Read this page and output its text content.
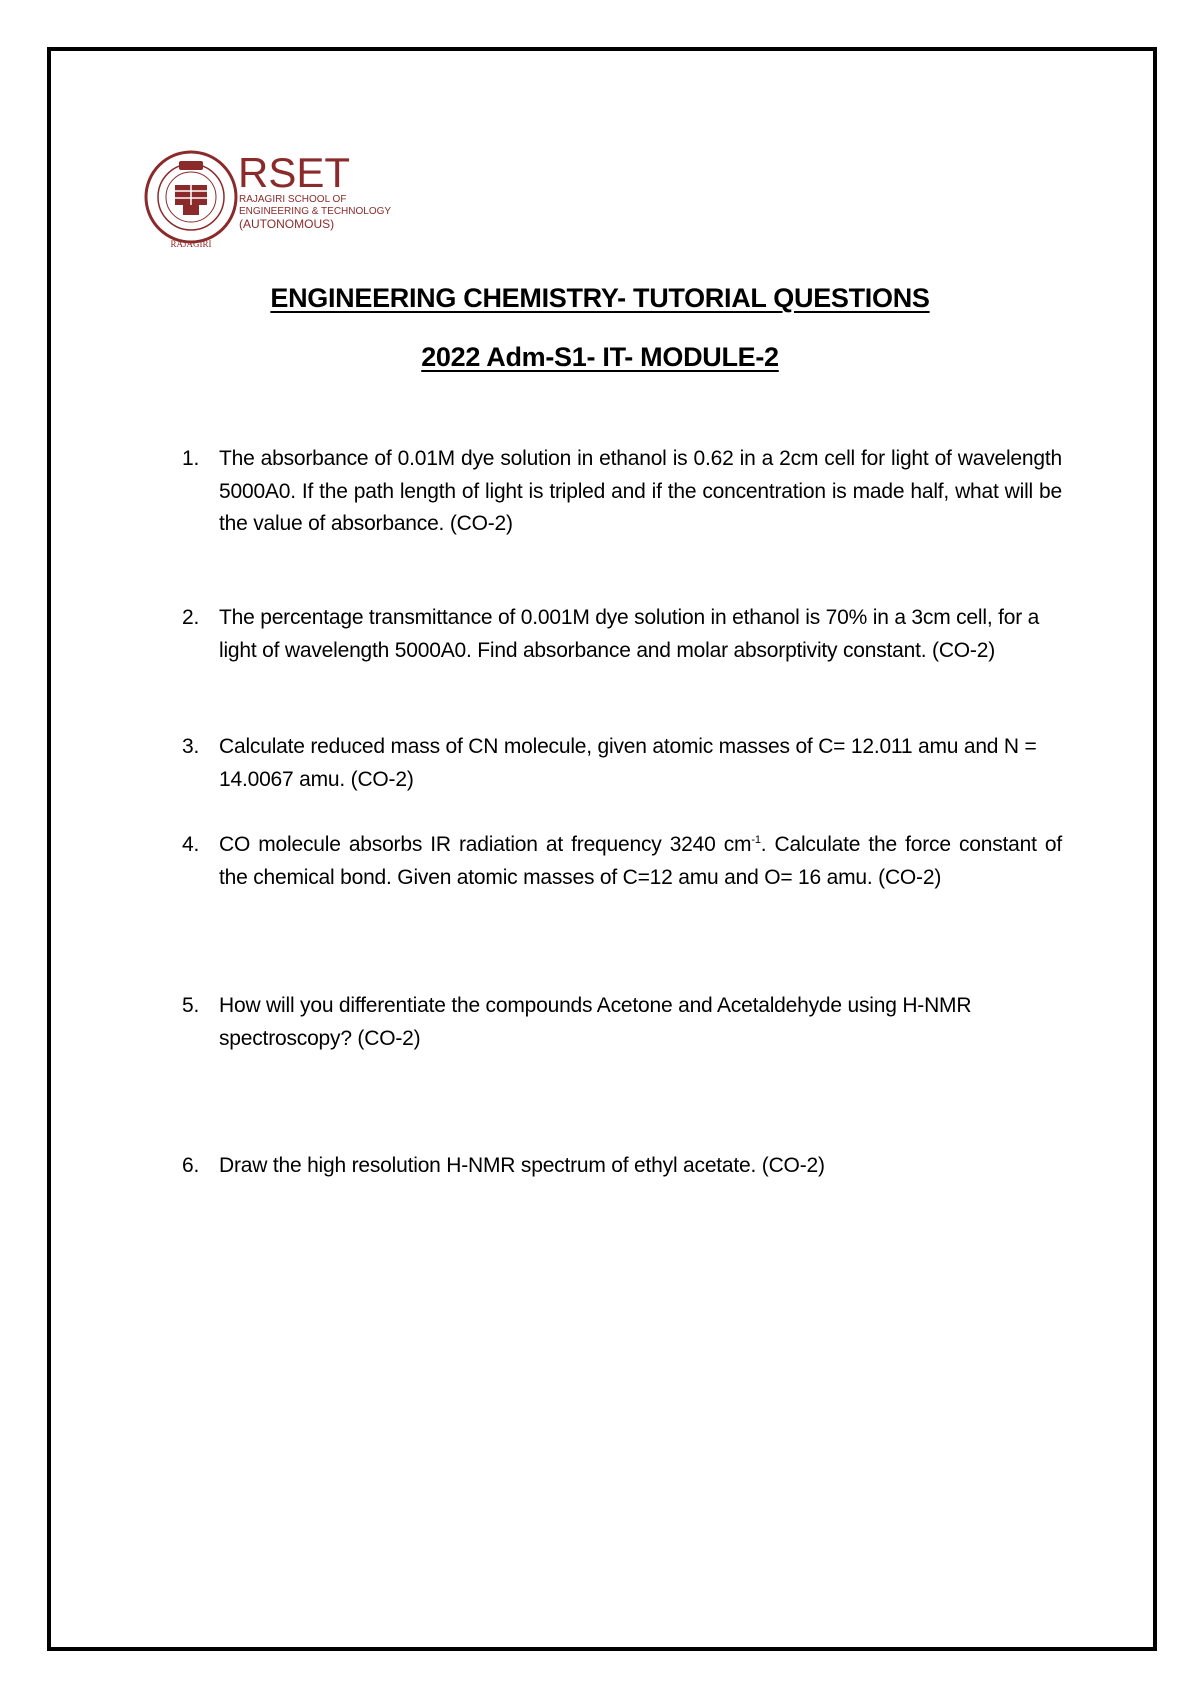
RAJAGIRI
RSET
RAJAGIRI SCHOOL OF
ENGINEERING & TECHNOLOGY
(AUTONOMOUS)
ENGINEERING CHEMISTRY- TUTORIAL QUESTIONS
2022 Adm-S1- IT- MODULE-2
1. The absorbance of 0.01M dye solution in ethanol is 0.62 in a 2cm cell for light of wavelength 5000A0. If the path length of light is tripled and if the concentration is made half, what will be the value of absorbance. (CO-2)
2. The percentage transmittance of 0.001M dye solution in ethanol is 70% in a 3cm cell, for a light of wavelength 5000A0. Find absorbance and molar absorptivity constant. (CO-2)
3. Calculate reduced mass of CN molecule, given atomic masses of C= 12.011 amu and N = 14.0067 amu. (CO-2)
4. CO molecule absorbs IR radiation at frequency 3240 $cm^{-1}$. Calculate the force constant of the chemical bond. Given atomic masses of C=12 amu and O= 16 amu. (CO-2)
5. How will you differentiate the compounds Acetone and Acetaldehyde using H-NMR spectroscopy? (CO-2)
6. Draw the high resolution H-NMR spectrum of ethyl acetate. (CO-2)
